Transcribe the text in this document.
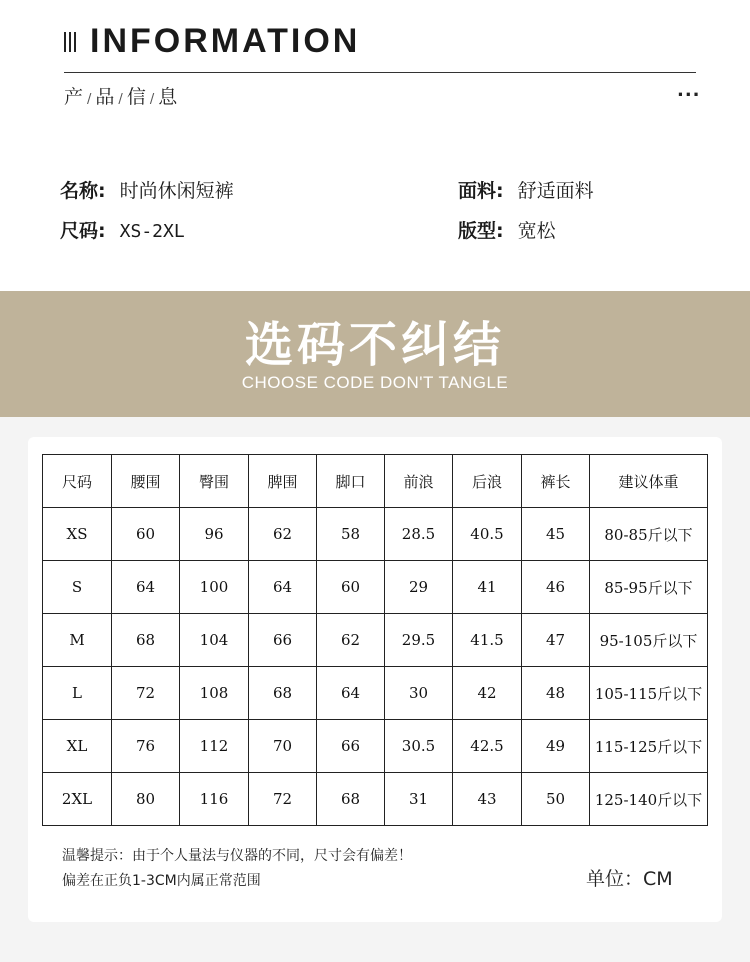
INFORMATION
产 / 品 / 信 / 息	...
名称: 时尚休闲短裤	面料: 舒适面料
尺码: XS-2XL	版型: 宽松
选码不纠结
CHOOSE CODE DON'T TANGLE
尺码	腰围	臀围	脾围	脚口	前浪	后浪	裤长	建议体重
XS	60	96	62	58	28.5	40.5	45	80-85斤以下
S	64	100	64	60	29	41	46	85-95斤以下
M	68	104	66	62	29.5	41.5	47	95-105斤以下
L	72	108	68	64	30	42	48	105-115斤以下
XL	76	112	70	66	30.5	42.5	49	115-125斤以下
2XL	80	116	72	68	31	43	50	125-140斤以下
温馨提示：由于个人量法与仪器的不同，尺寸会有偏差！
偏差在正负1-3CM内属正常范围	单位：CM
